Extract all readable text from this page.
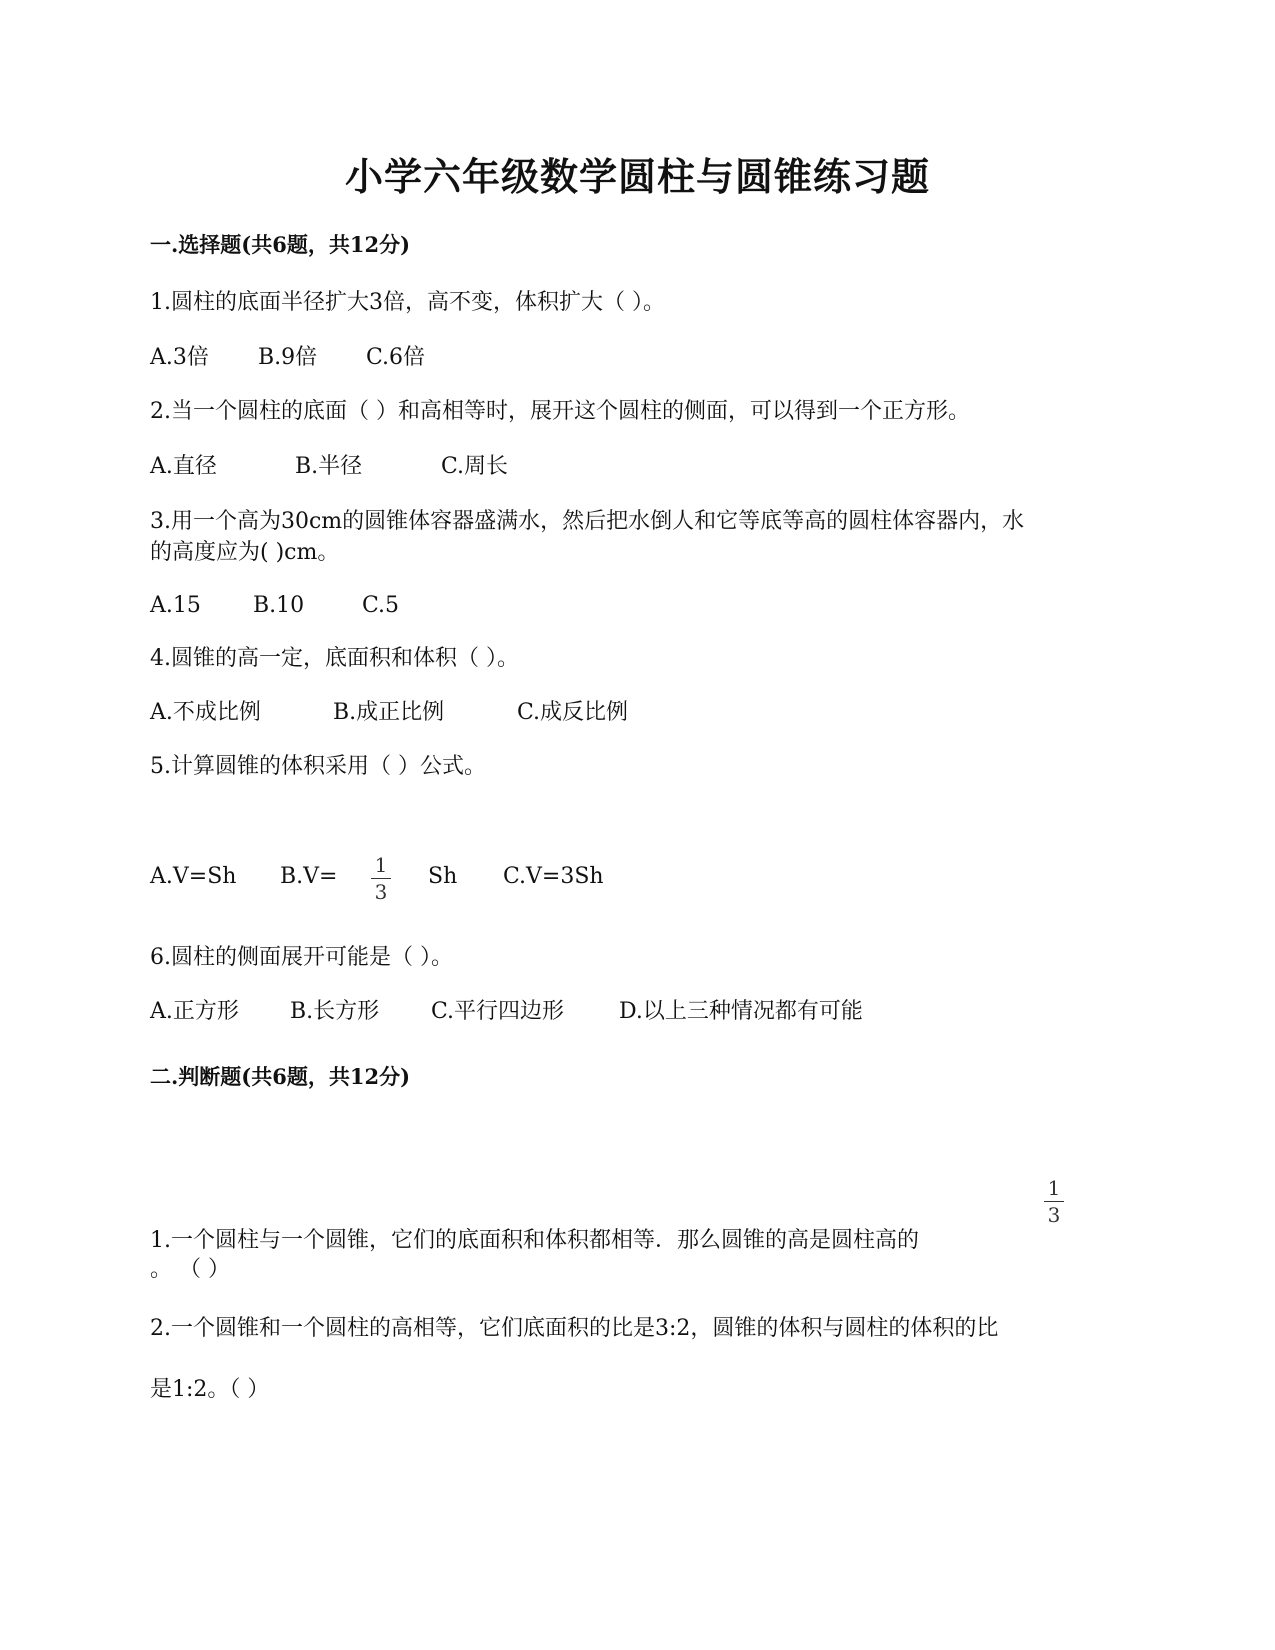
小学六年级数学圆柱与圆锥练习题
一.选择题(共6题，共12分)
1.圆柱的底面半径扩大3倍，高不变，体积扩大（ ）。
A.3倍 B.9倍 C.6倍
2.当一个圆柱的底面（ ）和高相等时，展开这个圆柱的侧面，可以得到一个正方形。
A.直径	B.半径	C.周长
3.用一个高为30cm的圆锥体容器盛满水，然后把水倒人和它等底等高的圆柱体容器内，水
的高度应为( )cm。
A.15 B.10	C.5
4.圆锥的高一定，底面积和体积（ ）。
A.不成比例	B.成正比例	C.成反比例
5.计算圆锥的体积采用（ ）公式。
A.V=Sh B.V= 1
3
Sh C.V=3Sh
6.圆柱的侧面展开可能是（ ）。
A.正方形 B.长方形 C.平行四边形 D.以上三种情况都有可能
二.判断题(共6题，共12分)
1
3
1.一个圆柱与一个圆锥，它们的底面积和体积都相等．那么圆锥的高是圆柱高的
。 （ ）
2.一个圆锥和一个圆柱的高相等，它们底面积的比是3:2，圆锥的体积与圆柱的体积的比
是1:2。（ ）
